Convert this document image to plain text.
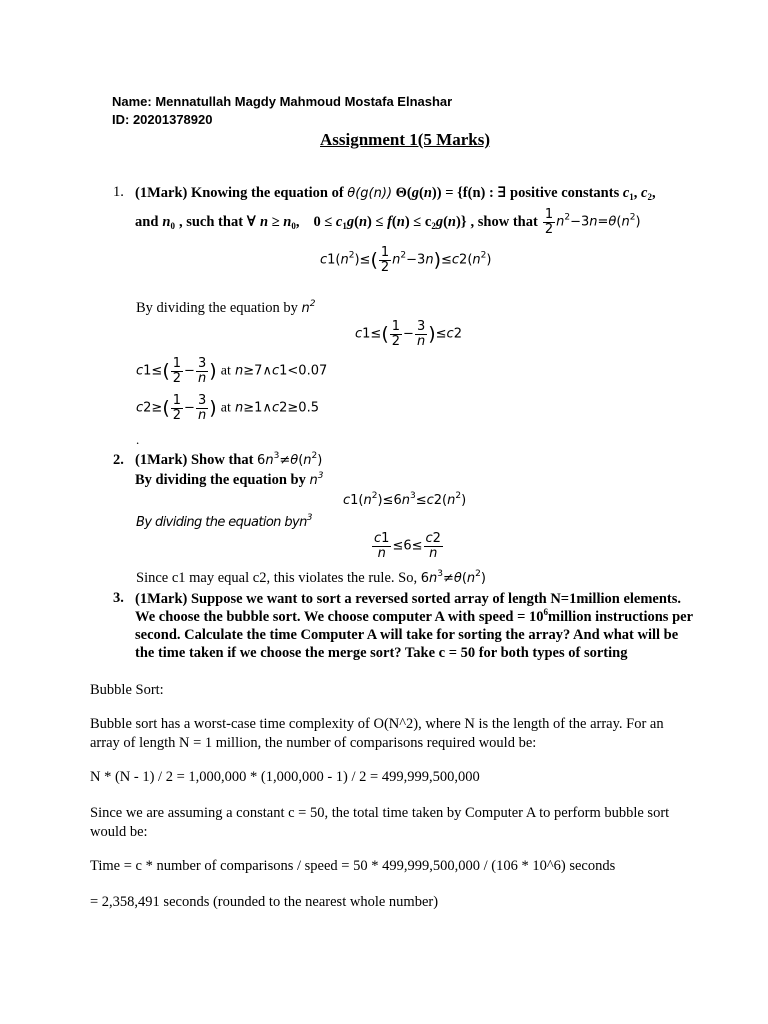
Name: Mennatullah Magdy Mahmoud Mostafa Elnashar
ID: 20201378920
Assignment 1(5 Marks)
1. (1Mark) Knowing the equation of θ(g(n)) Θ(g(n)) = {f(n) : ∃ positive constants $c_1$, $c_2$,
and $n_0$ , such that ∀ $n \ge n_0$, $0 \le c_1g(n) \le f(n) \le c_2g(n)$} , show that $\frac{1}{2} n^2-3n=\theta(n^2)$
$c1(n^2)\le( \frac{1}{2} n^2-3n)\le c2(n^2)$
By dividing the equation by $n^2$
$c1\le( \frac{1}{2} - \frac{3}{n} )\le c2$
$c1\le( \frac{1}{2} - \frac{3}{n}$ ) at n≥7∧c1<0.07
$c2\ge( \frac{1}{2} - \frac{3}{n}$ ) at n≥1∧c2≥0.5
.
2. (1Mark) Show that $6n^3\ne\theta(n^2)$
By dividing the equation by $n^3$
$c1(n^2)\le 6n^3\le c2(n^2)$
By dividing the equation byn$^3$
$\frac{c1}{n} \le 6\le \frac{c2}{n}$
Since c1 may equal c2, this violates the rule. So, $6n^3\ne\theta(n^2)$
3. (1Mark) Suppose we want to sort a reversed sorted array of length N=1million elements. We choose the bubble sort. We choose computer A with speed = $10^6million$ instructions per second. Calculate the time Computer A will take for sorting the array? And what will be the time taken if we choose the merge sort? Take c = 50 for both types of sorting
Bubble Sort:
Bubble sort has a worst-case time complexity of O(N^2), where N is the length of the array. For an array of length N = 1 million, the number of comparisons required would be:
N * (N - 1) / 2 = 1,000,000 * (1,000,000 - 1) / 2 = 499,999,500,000
Since we are assuming a constant c = 50, the total time taken by Computer A to perform bubble sort would be:
Time = c * number of comparisons / speed = 50 * 499,999,500,000 / (106 * 10^6) seconds
= 2,358,491 seconds (rounded to the nearest whole number)
